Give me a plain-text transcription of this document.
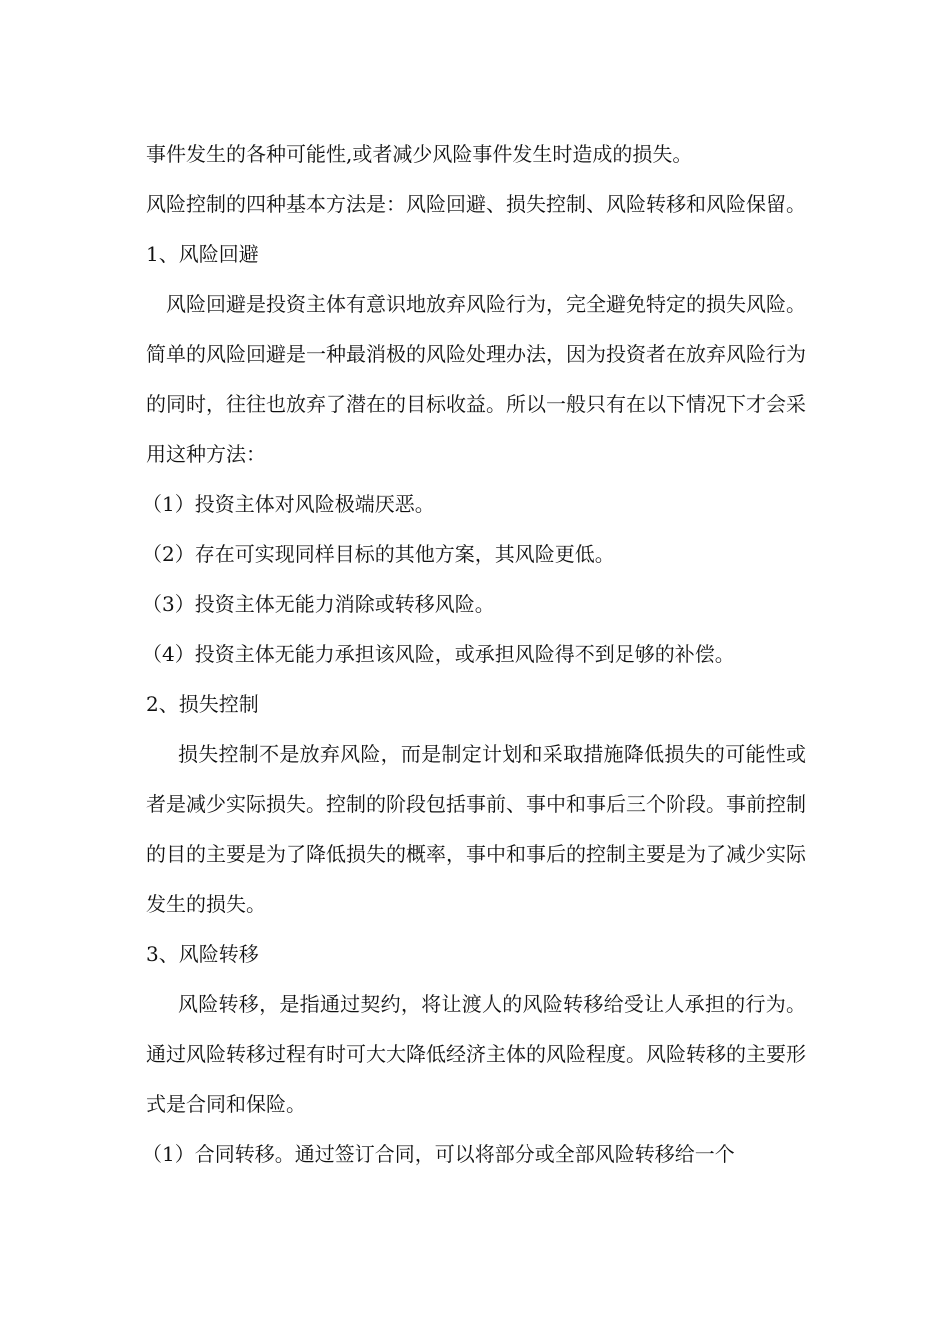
事件发生的各种可能性,或者减少风险事件发生时造成的损失。

风险控制的四种基本方法是：风险回避、损失控制、风险转移和风险保留。

1、风险回避

风险回避是投资主体有意识地放弃风险行为，完全避免特定的损失风险。简单的风险回避是一种最消极的风险处理办法，因为投资者在放弃风险行为的同时，往往也放弃了潜在的目标收益。所以一般只有在以下情况下才会采用这种方法：

（1）投资主体对风险极端厌恶。

（2）存在可实现同样目标的其他方案，其风险更低。

（3）投资主体无能力消除或转移风险。

（4）投资主体无能力承担该风险，或承担风险得不到足够的补偿。

2、损失控制

损失控制不是放弃风险，而是制定计划和采取措施降低损失的可能性或者是减少实际损失。控制的阶段包括事前、事中和事后三个阶段。事前控制的目的主要是为了降低损失的概率，事中和事后的控制主要是为了减少实际发生的损失。

3、风险转移

风险转移，是指通过契约，将让渡人的风险转移给受让人承担的行为。通过风险转移过程有时可大大降低经济主体的风险程度。风险转移的主要形式是合同和保险。

（1）合同转移。通过签订合同，可以将部分或全部风险转移给一个
